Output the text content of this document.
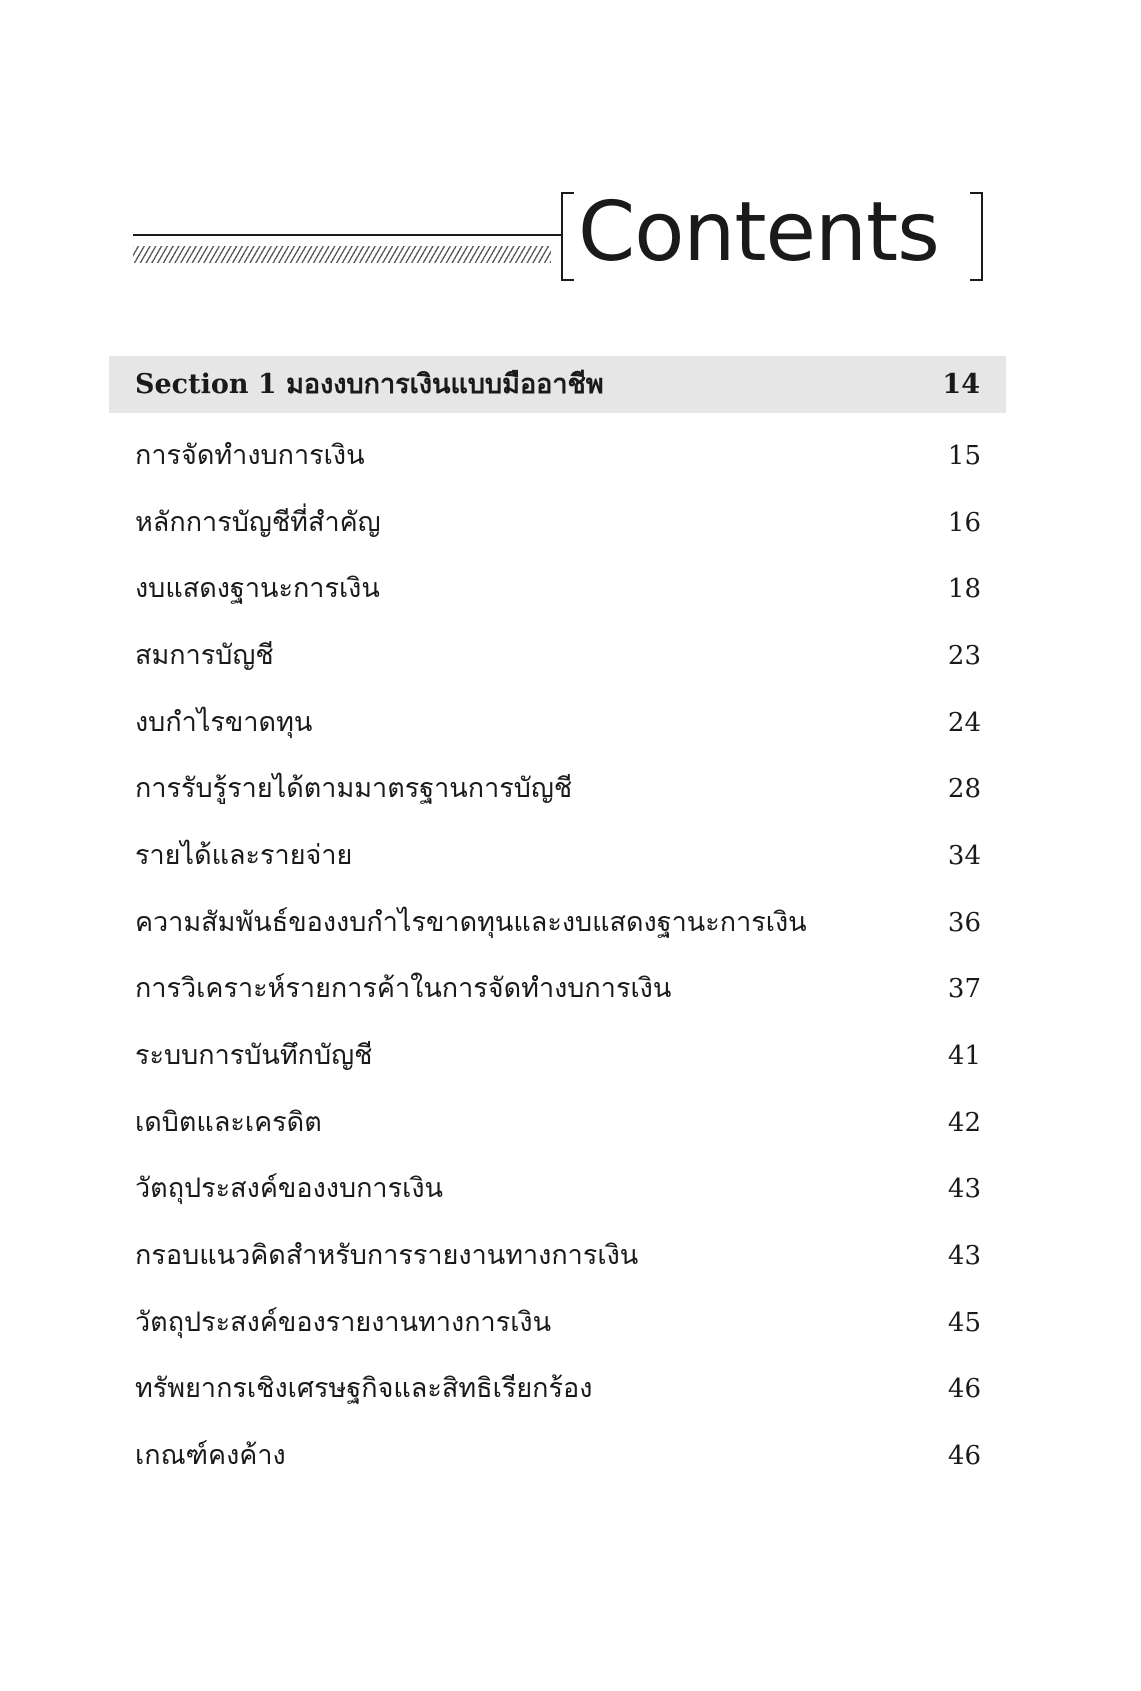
Contents
Section 1 มองงบการเงินแบบมืออาชีพ	14
การจัดทำงบการเงิน	15
หลักการบัญชีที่สำคัญ	16
งบแสดงฐานะการเงิน	18
สมการบัญชี	23
งบกำไรขาดทุน	24
การรับรู้รายได้ตามมาตรฐานการบัญชี	28
รายได้และรายจ่าย	34
ความสัมพันธ์ของงบกำไรขาดทุนและงบแสดงฐานะการเงิน	36
การวิเคราะห์รายการค้าในการจัดทำงบการเงิน	37
ระบบการบันทึกบัญชี	41
เดบิตและเครดิต	42
วัตถุประสงค์ของงบการเงิน	43
กรอบแนวคิดสำหรับการรายงานทางการเงิน	43
วัตถุประสงค์ของรายงานทางการเงิน	45
ทรัพยากรเชิงเศรษฐกิจและสิทธิเรียกร้อง	46
เกณฑ์คงค้าง	46
